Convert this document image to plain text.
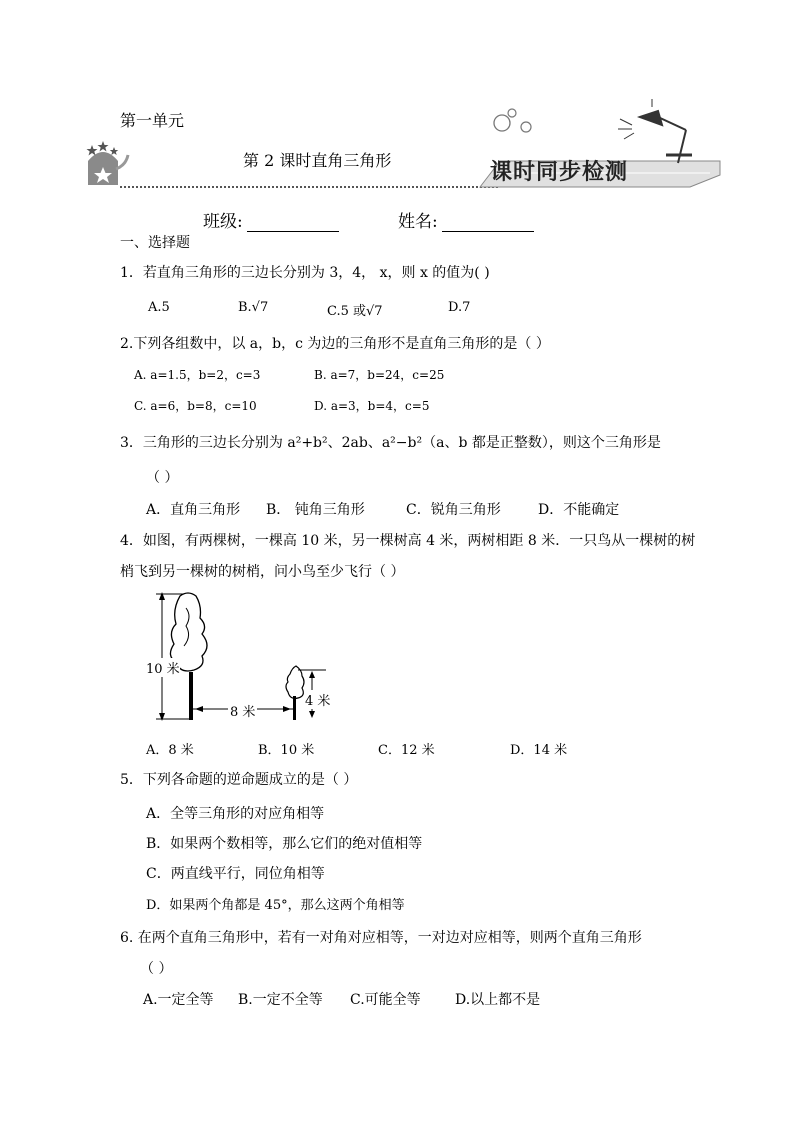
第一单元
第 2 课时直角三角形	课时同步检测
班级:	姓名:
一、选择题
1．若直角三角形的三边长分别为 3，4， x，则 x 的值为( )
A.5	B.√7	C.5 或√7	D.7
2.下列各组数中，以 a，b，c 为边的三角形不是直角三角形的是（ ）
A. a=1.5，b=2，c=3	B. a=7，b=24，c=25
C. a=6，b=8，c=10	D. a=3，b=4，c=5
3．三角形的三边长分别为 a²+b²、2ab、a²−b²（a、b 都是正整数），则这个三角形是
（ ）
A．直角三角形 B． 钝角三角形	C．锐角三角形	D．不能确定
4．如图，有两棵树，一棵高 10 米，另一棵树高 4 米，两树相距 8 米．一只鸟从一棵树的树
梢飞到另一棵树的树梢，问小鸟至少飞行（ ）
10 米
8 米
4 米
A．8 米	B．10 米	C．12 米	D．14 米
5．下列各命题的逆命题成立的是（ ）
A．全等三角形的对应角相等
B．如果两个数相等，那么它们的绝对值相等
C．两直线平行，同位角相等
D．如果两个角都是 45°，那么这两个角相等
6. 在两个直角三角形中，若有一对角对应相等，一对边对应相等，则两个直角三角形
（ ）
A.一定全等 B.一定不全等 C.可能全等 D.以上都不是
